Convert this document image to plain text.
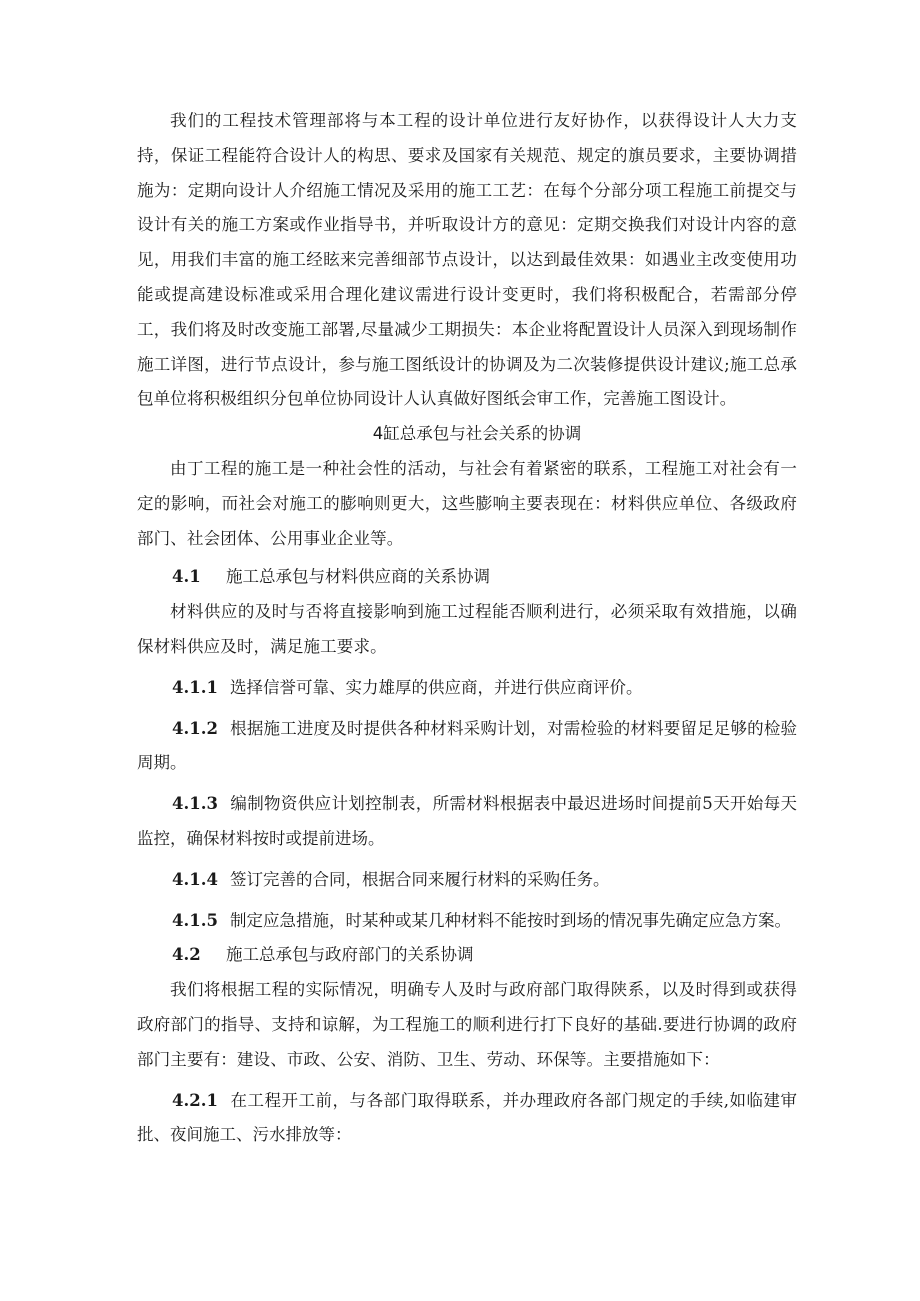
我们的工程技术管理部将与本工程的设计单位进行友好协作，以获得设计人大力支持，保证工程能符合设计人的构思、要求及国家有关规范、规定的旗员要求，主要协调措施为：定期向设计人介绍施工情况及采用的施工工艺：在每个分部分项工程施工前提交与设计有关的施工方案或作业指导书，并听取设计方的意见：定期交换我们对设计内容的意见，用我们丰富的施工经眩来完善细部节点设计，以达到最佳效果：如遇业主改变使用功能或提高建设标准或采用合理化建议需进行设计变更时，我们将积极配合，若需部分停工，我们将及时改变施工部署,尽量减少工期损失：本企业将配置设计人员深入到现场制作施工详图，进行节点设计，参与施工图纸设计的协调及为二次装修提供设计建议;施工总承包单位将积极组织分包单位协同设计人认真做好图纸会审工作，完善施工图设计。

4缸总承包与社会关系的协调

由丁工程的施工是一种社会性的活动，与社会有着紧密的联系，工程施工对社会有一定的影响，而社会对施工的膨响则更大，这些膨响主要表现在：材料供应单位、各级政府部门、社会团体、公用事业企业等。

4.1	施工总承包与材料供应商的关系协调

材料供应的及时与否将直接影响到施工过程能否顺利进行，必须采取有效措施，以确保材料供应及时，满足施工要求。

4.1.1 选择信誉可靠、实力雄厚的供应商，并进行供应商评价。

4.1.2 根据施工进度及时提供各种材料采购计划，对需检验的材料要留足足够的检验周期。

4.1.3 编制物资供应计划控制表，所需材料根据表中最迟进场时间提前5天开始每天监控，确保材料按时或提前进场。

4.1.4 签订完善的合同，根据合同来履行材料的采购任务。

4.1.5 制定应急措施，时某种或某几种材料不能按时到场的情况事先确定应急方案。

4.2	施工总承包与政府部门的关系协调

我们将根据工程的实际情况，明确专人及时与政府部门取得陕系，以及时得到或获得政府部门的指导、支持和谅解，为工程施工的顺利进行打下良好的基础.要进行协调的政府部门主要有：建设、市政、公安、消防、卫生、劳动、环保等。主要措施如下：

4.2.1 在工程开工前，与各部门取得联系，并办理政府各部门规定的手续,如临建审批、夜间施工、污水排放等：
